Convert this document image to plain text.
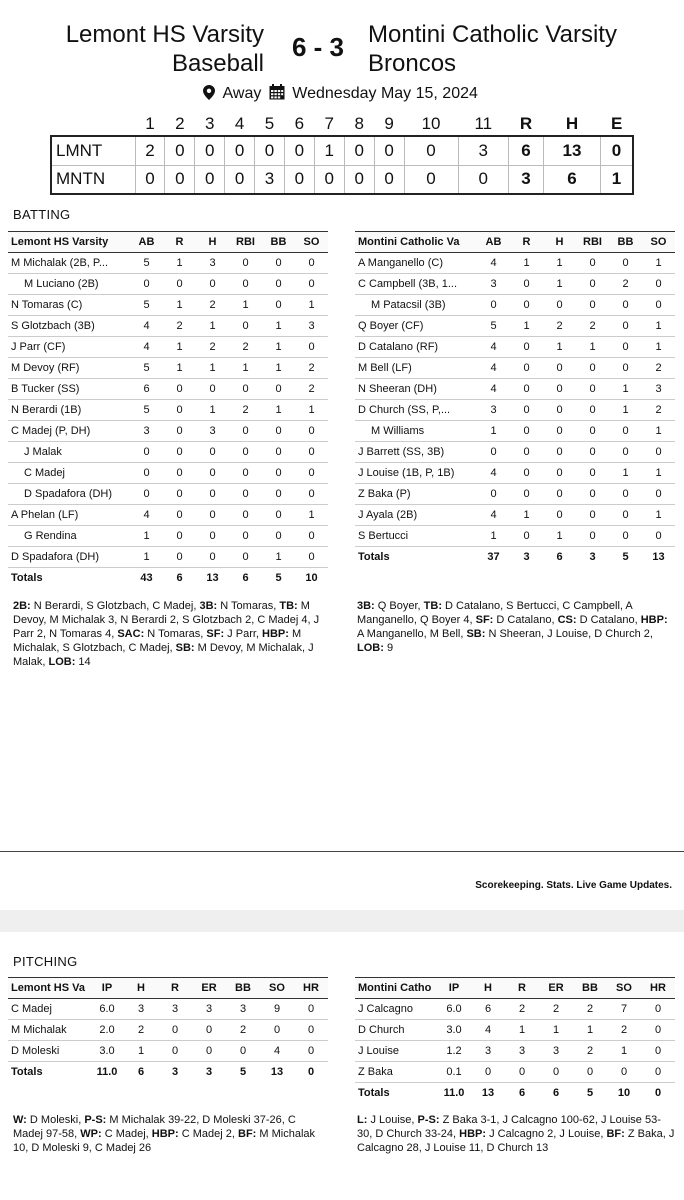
Lemont HS Varsity Baseball
6 - 3 Montini Catholic Varsity Broncos
Away Wednesday May 15, 2024
	1	2	3	4	5	6	7	8	9	10	11	R	H	E
LMNT	2	0	0	0	0	0	1	0	0	0	3	6	13	0
MNTN	0	0	0	0	3	0	0	0	0	0	0	3	6	1
BATTING
Lemont HS Varsity	AB	R	H	RBI	BB	SO
M Michalak (2B, P...	5	1	3	0	0	0
M Luciano (2B)	0	0	0	0	0	0
N Tomaras (C)	5	1	2	1	0	1
S Glotzbach (3B)	4	2	1	0	1	3
J Parr (CF)	4	1	2	2	1	0
M Devoy (RF)	5	1	1	1	1	2
B Tucker (SS)	6	0	0	0	0	2
N Berardi (1B)	5	0	1	2	1	1
C Madej (P, DH)	3	0	3	0	0	0
J Malak	0	0	0	0	0	0
C Madej	0	0	0	0	0	0
D Spadafora (DH)	0	0	0	0	0	0
A Phelan (LF)	4	0	0	0	0	1
G Rendina	1	0	0	0	0	0
D Spadafora (DH)	1	0	0	0	1	0
Totals	43	6	13	6	5	10
Montini Catholic Va	AB	R	H	RBI	BB	SO
A Manganello (C)	4	1	1	0	0	1
C Campbell (3B, 1...	3	0	1	0	2	0
M Patacsil (3B)	0	0	0	0	0	0
Q Boyer (CF)	5	1	2	2	0	1
D Catalano (RF)	4	0	1	1	0	1
M Bell (LF)	4	0	0	0	0	2
N Sheeran (DH)	4	0	0	0	1	3
D Church (SS, P,...	3	0	0	0	1	2
M Williams	1	0	0	0	0	1
J Barrett (SS, 3B)	0	0	0	0	0	0
J Louise (1B, P, 1B)	4	0	0	0	1	1
Z Baka (P)	0	0	0	0	0	0
J Ayala (2B)	4	1	0	0	0	1
S Bertucci	1	0	1	0	0	0
Totals	37	3	6	3	5	13
2B: N Berardi, S Glotzbach, C Madej, 3B: N Tomaras, TB: M Devoy, M Michalak 3, N Berardi 2, S Glotzbach 2, C Madej 4, J Parr 2, N Tomaras 4, SAC: N Tomaras, SF: J Parr, HBP: M Michalak, S Glotzbach, C Madej, SB: M Devoy, M Michalak, J Malak, LOB: 14
3B: Q Boyer, TB: D Catalano, S Bertucci, C Campbell, A Manganello, Q Boyer 4, SF: D Catalano, CS: D Catalano, HBP: A Manganello, M Bell, SB: N Sheeran, J Louise, D Church 2, LOB: 9
Scorekeeping. Stats. Live Game Updates.
PITCHING
Lemont HS Va	IP	H	R	ER	BB	SO	HR
C Madej	6.0	3	3	3	3	9	0
M Michalak	2.0	2	0	0	2	0	0
D Moleski	3.0	1	0	0	0	4	0
Totals	11.0	6	3	3	5	13	0
Montini Catho	IP	H	R	ER	BB	SO	HR
J Calcagno	6.0	6	2	2	2	7	0
D Church	3.0	4	1	1	1	2	0
J Louise	1.2	3	3	3	2	1	0
Z Baka	0.1	0	0	0	0	0	0
Totals	11.0	13	6	6	5	10	0
W: D Moleski, P-S: M Michalak 39-22, D Moleski 37-26, C Madej 97-58, WP: C Madej, HBP: C Madej 2, BF: M Michalak 10, D Moleski 9, C Madej 26
L: J Louise, P-S: Z Baka 3-1, J Calcagno 100-62, J Louise 53-30, D Church 33-24, HBP: J Calcagno 2, J Louise, BF: Z Baka, J Calcagno 28, J Louise 11, D Church 13
